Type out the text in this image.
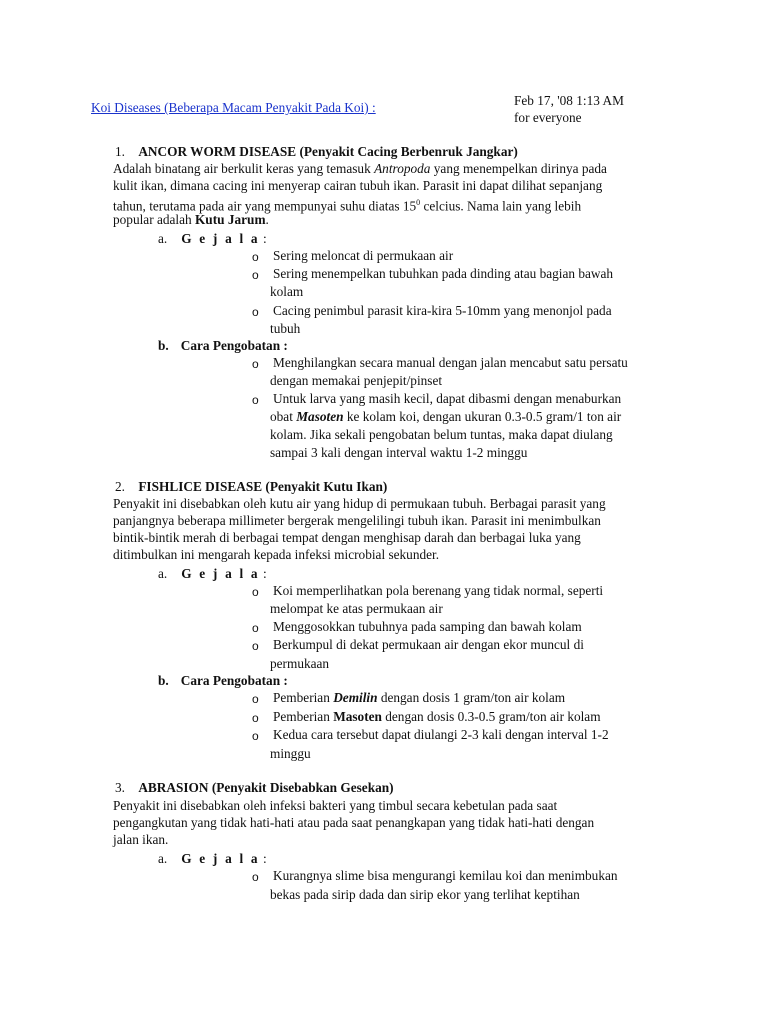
Koi Diseases (Beberapa Macam Penyakit Pada Koi) :	Feb 17, '08 1:13 AM
for everyone
1. ANCOR WORM DISEASE (Penyakit Cacing Berbenruk Jangkar)
Adalah binatang air berkulit keras yang temasuk Antropoda yang menempelkan dirinya pada
kulit ikan, dimana cacing ini menyerap cairan tubuh ikan. Parasit ini dapat dilihat sepanjang
tahun, terutama pada air yang mempunyai suhu diatas $15^0$ celcius. Nama lain yang lebih
popular adalah Kutu Jarum.
a. G e j a l a :
o Sering meloncat di permukaan air
o Sering menempelkan tubuhkan pada dinding atau bagian bawah
kolam
o Cacing penimbul parasit kira-kira 5-10mm yang menonjol pada
tubuh
b. Cara Pengobatan :
o Menghilangkan secara manual dengan jalan mencabut satu persatu
dengan memakai penjepit/pinset
o Untuk larva yang masih kecil, dapat dibasmi dengan menaburkan
obat Masoten ke kolam koi, dengan ukuran 0.3-0.5 gram/1 ton air
kolam. Jika sekali pengobatan belum tuntas, maka dapat diulang
sampai 3 kali dengan interval waktu 1-2 minggu
2. FISHLICE DISEASE (Penyakit Kutu Ikan)
Penyakit ini disebabkan oleh kutu air yang hidup di permukaan tubuh. Berbagai parasit yang
panjangnya beberapa millimeter bergerak mengelilingi tubuh ikan. Parasit ini menimbulkan
bintik-bintik merah di berbagai tempat dengan menghisap darah dan berbagai luka yang
ditimbulkan ini mengarah kepada infeksi microbial sekunder.
a. G e j a l a :
o Koi memperlihatkan pola berenang yang tidak normal, seperti
melompat ke atas permukaan air
o Menggosokkan tubuhnya pada samping dan bawah kolam
o Berkumpul di dekat permukaan air dengan ekor muncul di
permukaan
b. Cara Pengobatan :
o Pemberian Demilin dengan dosis 1 gram/ton air kolam
o Pemberian Masoten dengan dosis 0.3-0.5 gram/ton air kolam
o Kedua cara tersebut dapat diulangi 2-3 kali dengan interval 1-2
minggu
3. ABRASION (Penyakit Disebabkan Gesekan)
Penyakit ini disebabkan oleh infeksi bakteri yang timbul secara kebetulan pada saat
pengangkutan yang tidak hati-hati atau pada saat penangkapan yang tidak hati-hati dengan
jalan ikan.
a. G e j a l a :
o Kurangnya slime bisa mengurangi kemilau koi dan menimbukan
bekas pada sirip dada dan sirip ekor yang terlihat keptihan
